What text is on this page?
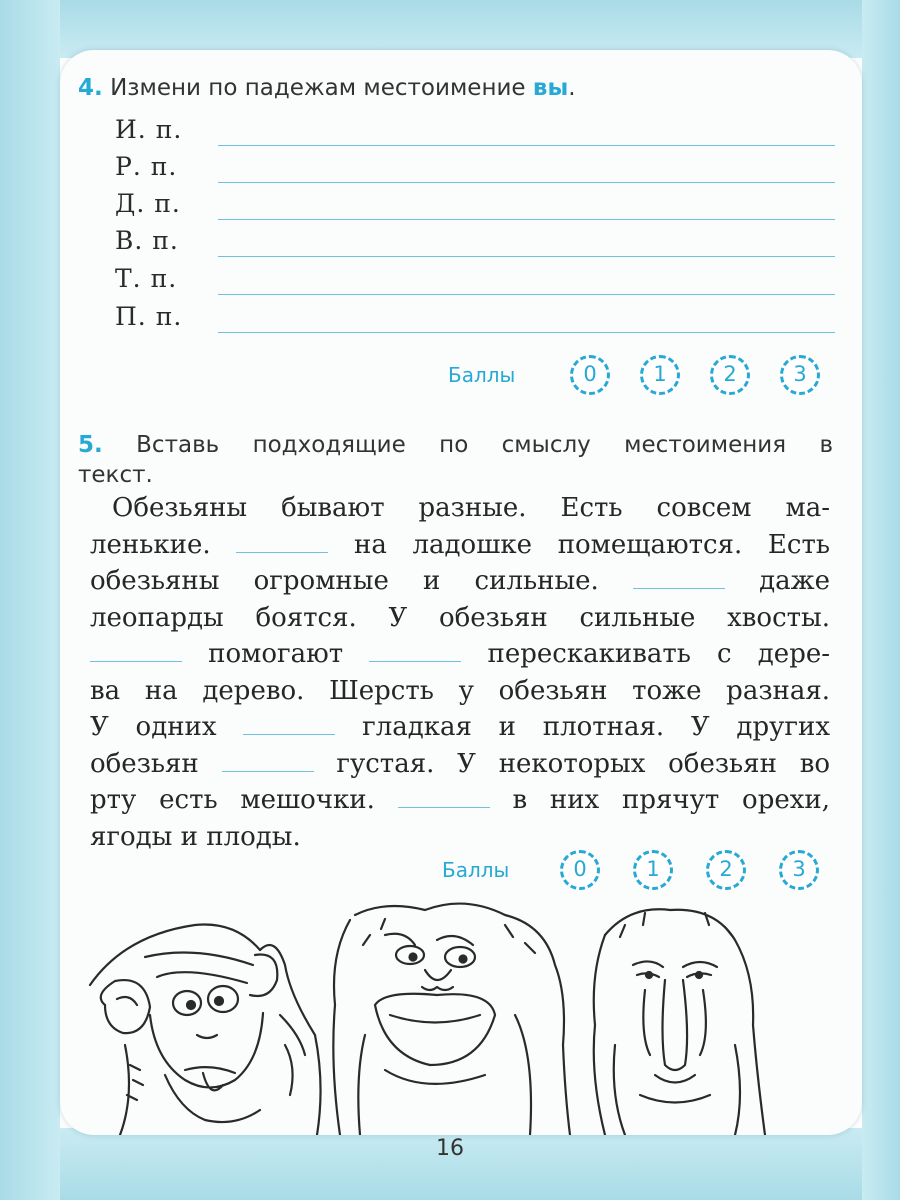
4. Измени по падежам местоимение вы.
И. п.
Р. п.
Д. п.
В. п.
Т. п.
П. п.
Баллы	0	1	2	3
5. Вставь подходящие по смыслу местоимения в
текст.
Обезьяны бывают разные. Есть совсем ма-
ленькие.	на ладошке помещаются. Есть
обезьяны огромные и сильные.	даже
леопарды боятся. У обезьян сильные хвосты.
помогают	перескакивать с дере-
ва на дерево. Шерсть у обезьян тоже разная.
У одних	гладкая и плотная. У других
обезьян	густая. У некоторых обезьян во
рту есть мешочки.	в них прячут орехи,
ягоды и плоды.
Баллы	0	1	2	3
16
